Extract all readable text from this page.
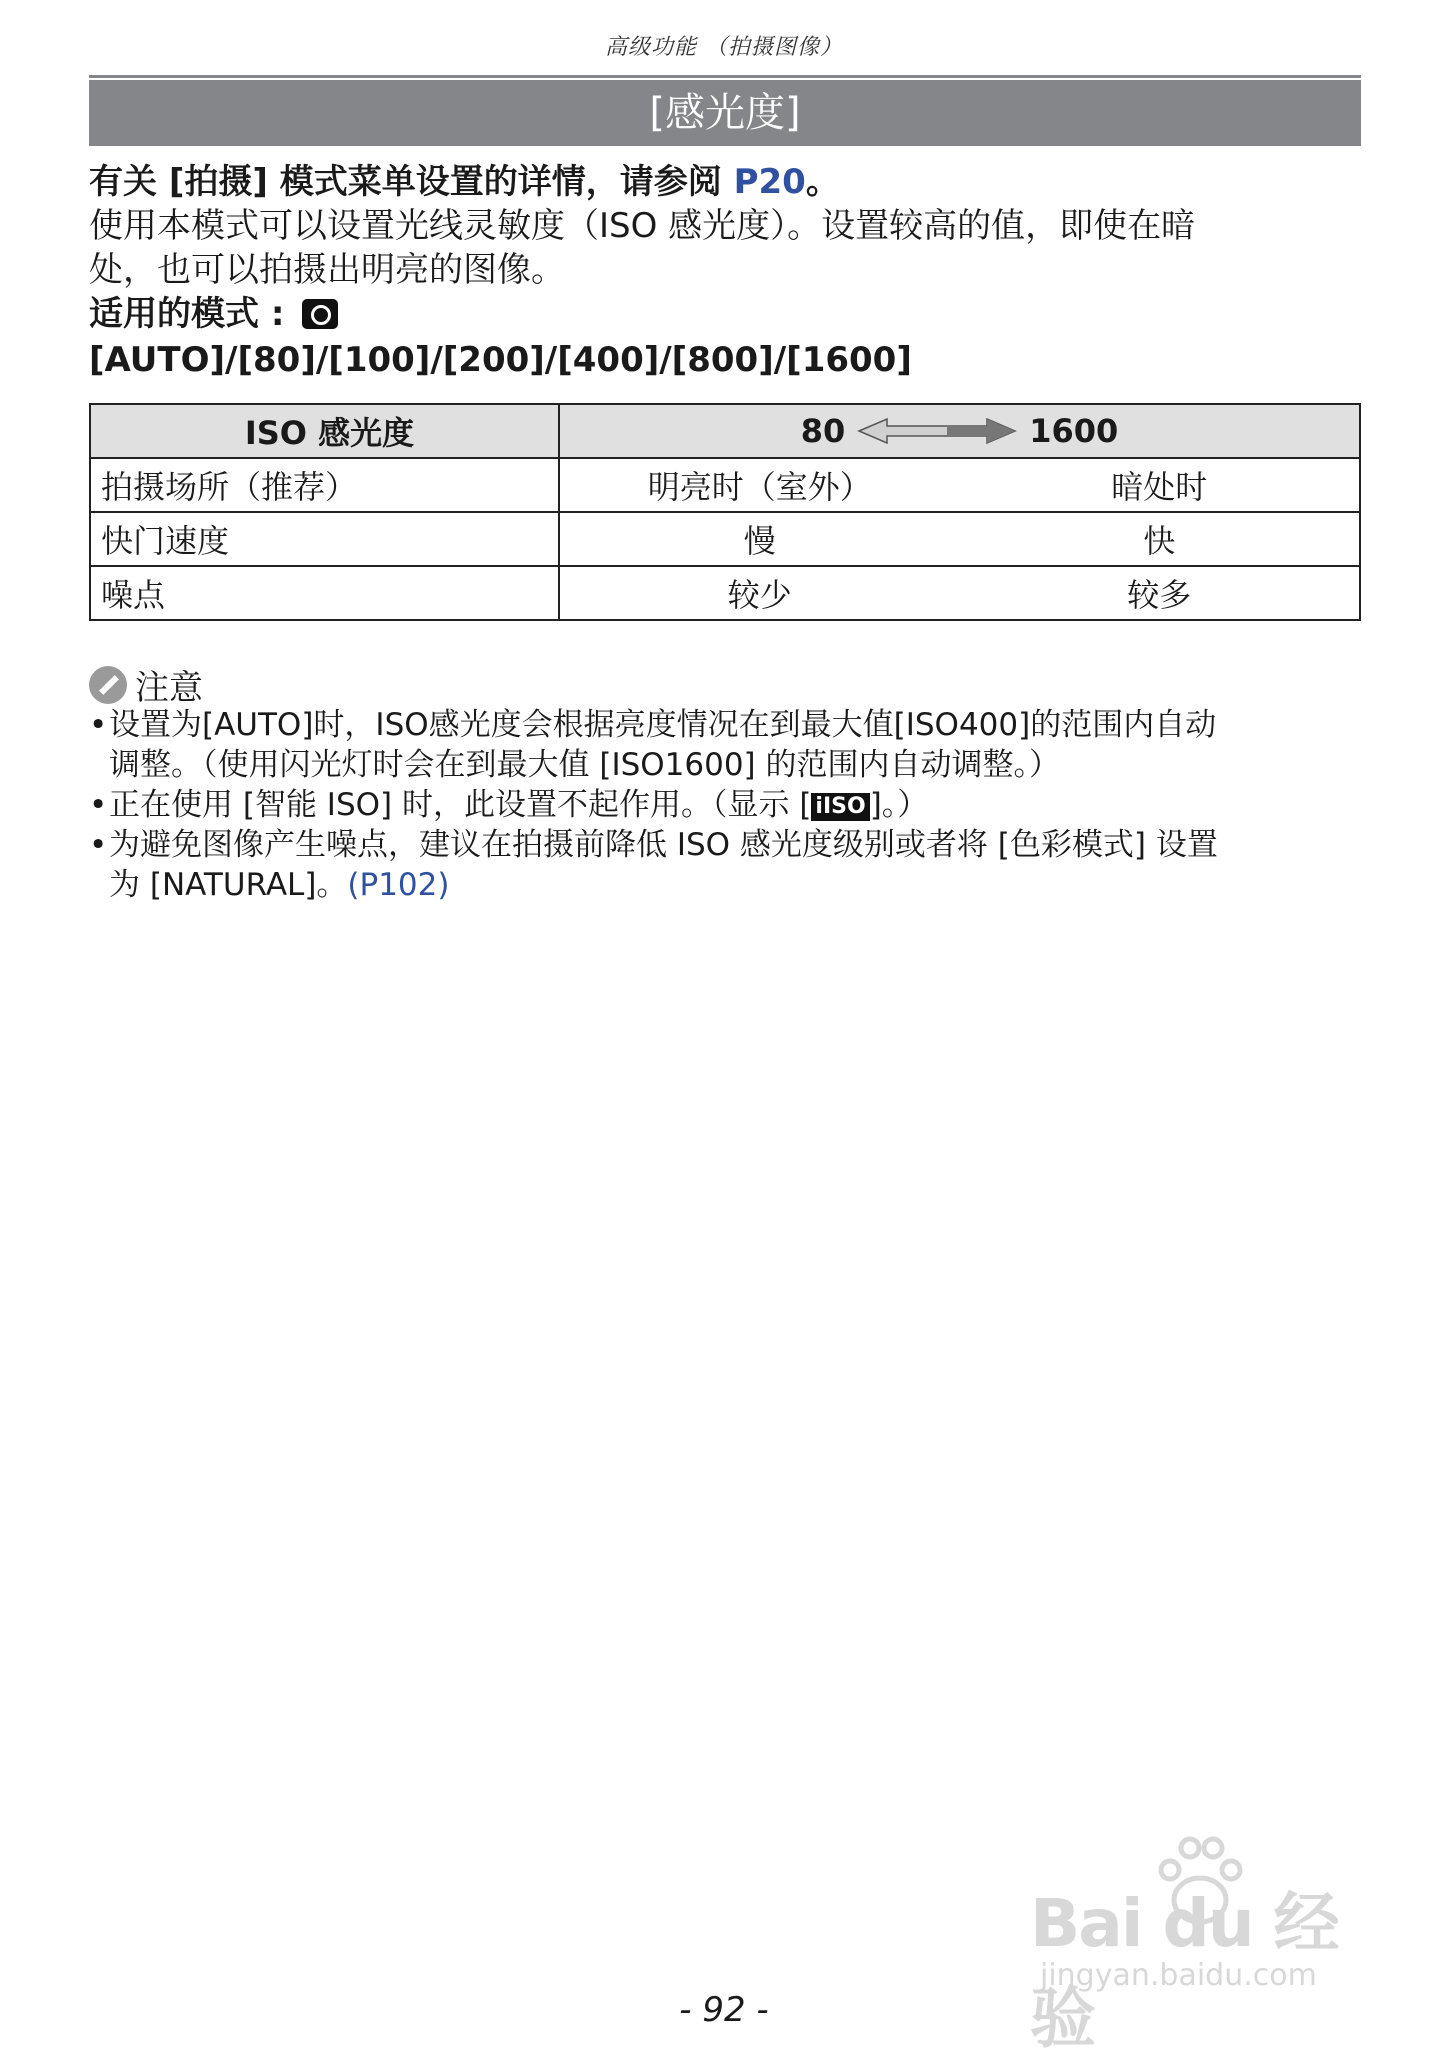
高级功能 （拍摄图像）
[感光度]
有关 [拍摄] 模式菜单设置的详情，请参阅 P20。
使用本模式可以设置光线灵敏度（ISO 感光度）。设置较高的值，即使在暗
处，也可以拍摄出明亮的图像。
适用的模式 :
[AUTO]/[80]/[100]/[200]/[400]/[800]/[1600]
ISO 感光度	80 1600

拍摄场所（推荐）	明亮时（室外） 暗处时

快门速度	慢 快

噪点	较少 较多
注意
• 设置为[AUTO]时，ISO感光度会根据亮度情况在到最大值[ISO400]的范围内自动
调整。（使用闪光灯时会在到最大值 [ISO1600] 的范围内自动调整。）
• 正在使用 [智能 ISO] 时，此设置不起作用。（显示 [ iISO ]。）
• 为避免图像产生噪点，建议在拍摄前降低 ISO 感光度级别或者将 [色彩模式] 设置
为 [NATURAL]。(P102)
Bai du 经验
jingyan.baidu.com
- 92 -
